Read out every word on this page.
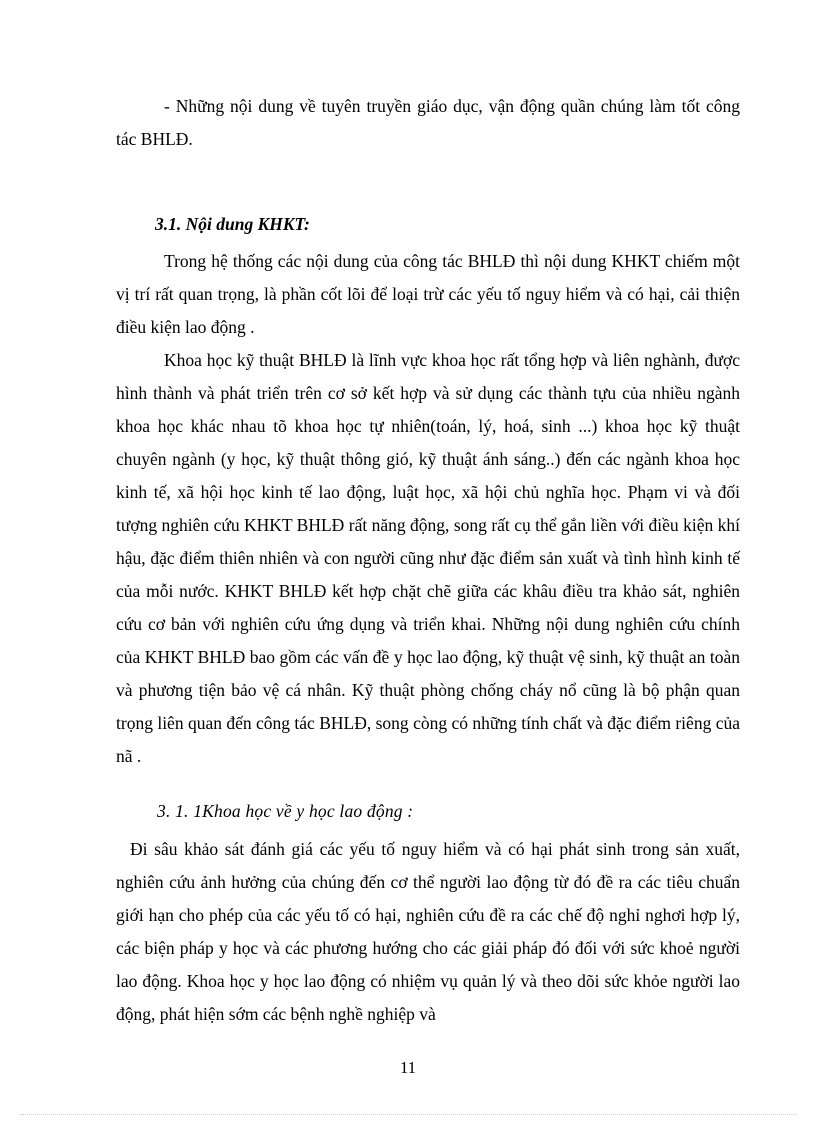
- Những nội dung về tuyên truyền giáo dục, vận động quần chúng làm tốt công tác BHLĐ.

3.1. Nội dung KHKT:

Trong hệ thống các nội dung của công tác BHLĐ thì nội dung KHKT chiếm một vị trí rất quan trọng, là phần cốt lõi để loại trừ các yếu tố nguy hiểm và có hại, cải thiện điều kiện lao động .

Khoa học kỹ thuật BHLĐ là lĩnh vực khoa học rất tổng hợp và liên nghành, được hình thành và phát triển trên cơ sở kết hợp và sử dụng các thành tựu của nhiều ngành khoa học khác nhau tõ khoa học tự nhiên(toán, lý, hoá, sinh ...) khoa học kỹ thuật chuyên ngành (y học, kỹ thuật thông gió, kỹ thuật ánh sáng..) đến các ngành khoa học kinh tế, xã hội học kinh tế lao động, luật học, xã hội chủ nghĩa học. Phạm vi và đối tượng nghiên cứu KHKT BHLĐ rất năng động, song rất cụ thể gắn liền với điều kiện khí hậu, đặc điểm thiên nhiên và con người cũng như đặc điểm sản xuất và tình hình kinh tế của mỗi nước. KHKT BHLĐ kết hợp chặt chẽ giữa các khâu điều tra khảo sát, nghiên cứu cơ bản với nghiên cứu ứng dụng và triển khai. Những nội dung nghiên cứu chính của KHKT BHLĐ bao gồm các vấn đề y học lao động, kỹ thuật vệ sinh, kỹ thuật an toàn và phương tiện bảo vệ cá nhân. Kỹ thuật phòng chống cháy nổ cũng là bộ phận quan trọng liên quan đến công tác BHLĐ, song còng có những tính chất và đặc điểm riêng của nã .

3. 1. 1Khoa học về y học lao động :

Đi sâu khảo sát đánh giá các yếu tố nguy hiểm và có hại phát sinh trong sản xuất, nghiên cứu ảnh hưởng của chúng đến cơ thể người lao động từ đó đề ra các tiêu chuẩn giới hạn cho phép của các yếu tố có hại, nghiên cứu đề ra các chế độ nghỉ nghơi hợp lý, các biện pháp y học và các phương hướng cho các giải pháp đó đối với sức khoẻ người lao động. Khoa học y học lao động có nhiệm vụ quản lý và theo dõi sức khỏe người lao động, phát hiện sớm các bệnh nghề nghiệp và

11
